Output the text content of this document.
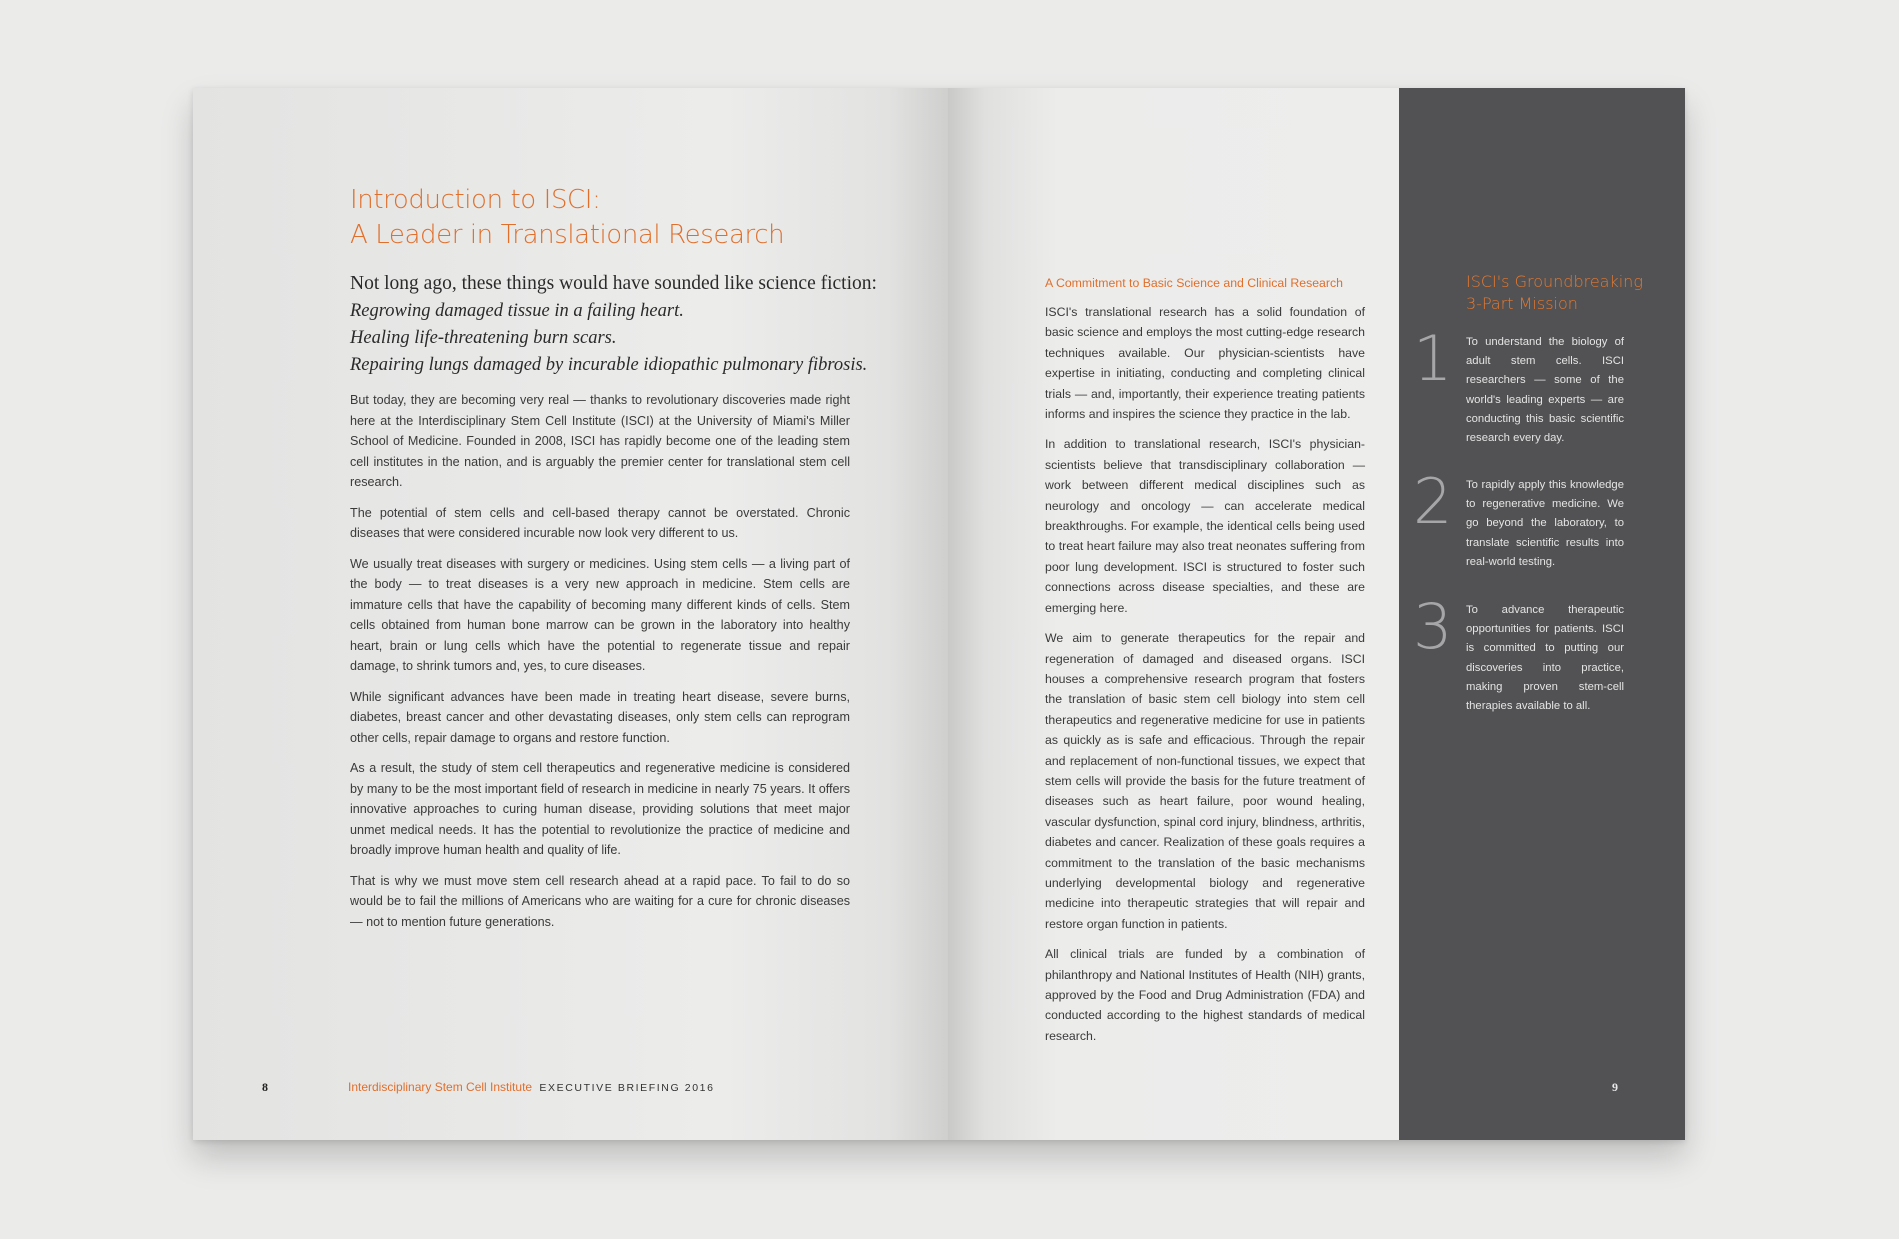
Introduction to ISCI:
A Leader in Translational Research
Not long ago, these things would have sounded like science fiction:
Regrowing damaged tissue in a failing heart.
Healing life-threatening burn scars.
Repairing lungs damaged by incurable idiopathic pulmonary fibrosis.

But today, they are becoming very real — thanks to revolutionary discoveries made right here at the Interdisciplinary Stem Cell Institute (ISCI) at the University of Miami's Miller School of Medicine. Founded in 2008, ISCI has rapidly become one of the leading stem cell institutes in the nation, and is arguably the premier center for translational stem cell research.

The potential of stem cells and cell-based therapy cannot be overstated. Chronic diseases that were considered incurable now look very different to us.

We usually treat diseases with surgery or medicines. Using stem cells — a living part of the body — to treat diseases is a very new approach in medicine. Stem cells are immature cells that have the capability of becoming many different kinds of cells. Stem cells obtained from human bone marrow can be grown in the laboratory into healthy heart, brain or lung cells which have the potential to regenerate tissue and repair damage, to shrink tumors and, yes, to cure diseases.

While significant advances have been made in treating heart disease, severe burns, diabetes, breast cancer and other devastating diseases, only stem cells can reprogram other cells, repair damage to organs and restore function.

As a result, the study of stem cell therapeutics and regenerative medicine is considered by many to be the most important field of research in medicine in nearly 75 years. It offers innovative approaches to curing human disease, providing solutions that meet major unmet medical needs. It has the potential to revolutionize the practice of medicine and broadly improve human health and quality of life.

That is why we must move stem cell research ahead at a rapid pace. To fail to do so would be to fail the millions of Americans who are waiting for a cure for chronic diseases — not to mention future generations.

8	Interdisciplinary Stem Cell Institute EXECUTIVE BRIEFING 2016
A Commitment to Basic Science and Clinical Research

ISCI's translational research has a solid foundation of basic science and employs the most cutting-edge research techniques available. Our physician-scientists have expertise in initiating, conducting and completing clinical trials — and, importantly, their experience treating patients informs and inspires the science they practice in the lab.

In addition to translational research, ISCI's physician-scientists believe that transdisciplinary collaboration — work between different medical disciplines such as neurology and oncology — can accelerate medical breakthroughs. For example, the identical cells being used to treat heart failure may also treat neonates suffering from poor lung development. ISCI is structured to foster such connections across disease specialties, and these are emerging here.

We aim to generate therapeutics for the repair and regeneration of damaged and diseased organs. ISCI houses a comprehensive research program that fosters the translation of basic stem cell biology into stem cell therapeutics and regenerative medicine for use in patients as quickly as is safe and efficacious. Through the repair and replacement of non-functional tissues, we expect that stem cells will provide the basis for the future treatment of diseases such as heart failure, poor wound healing, vascular dysfunction, spinal cord injury, blindness, arthritis, diabetes and cancer. Realization of these goals requires a commitment to the translation of the basic mechanisms underlying developmental biology and regenerative medicine into therapeutic strategies that will repair and restore organ function in patients.

All clinical trials are funded by a combination of philanthropy and National Institutes of Health (NIH) grants, approved by the Food and Drug Administration (FDA) and conducted according to the highest standards of medical research.

ISCI's Groundbreaking
3-Part Mission
1 To understand the biology of adult stem cells. ISCI researchers — some of the world's leading experts — are conducting this basic scientific research every day.
2 To rapidly apply this knowledge to regenerative medicine. We go beyond the laboratory, to translate scientific results into real-world testing.
3 To advance therapeutic opportunities for patients. ISCI is committed to putting our discoveries into practice, making proven stem-cell therapies available to all.
9
